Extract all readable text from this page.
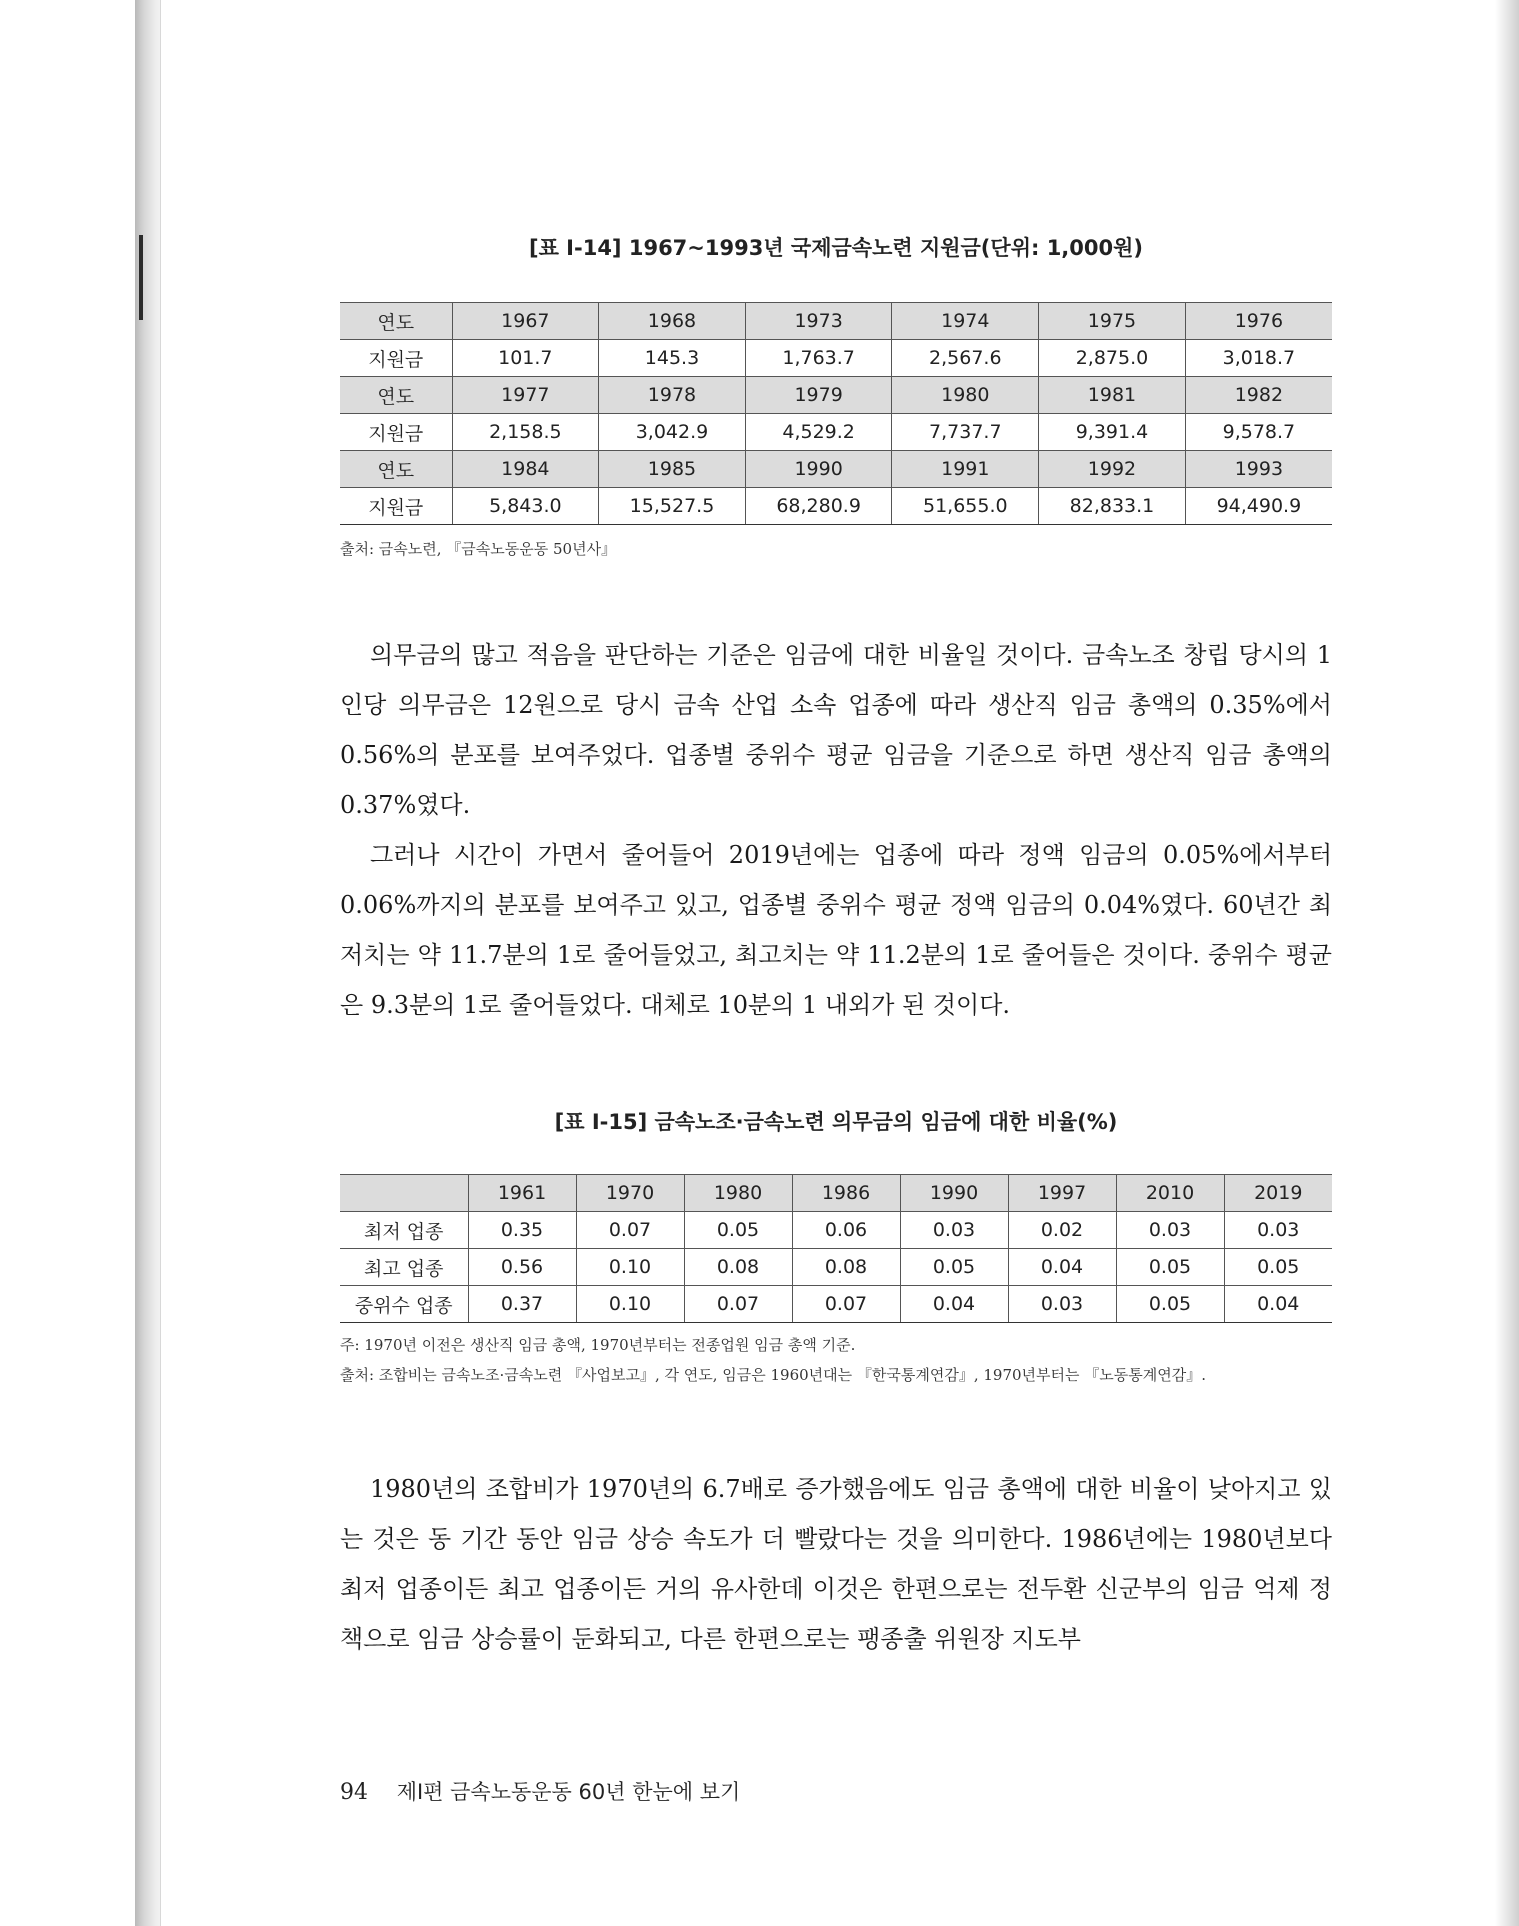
[표 Ⅰ-14] 1967~1993년 국제금속노련 지원금(단위: 1,000원)
연도	1967	1968	1973	1974	1975	1976
지원금	101.7	145.3	1,763.7	2,567.6	2,875.0	3,018.7
연도	1977	1978	1979	1980	1981	1982
지원금	2,158.5	3,042.9	4,529.2	7,737.7	9,391.4	9,578.7
연도	1984	1985	1990	1991	1992	1993
지원금	5,843.0	15,527.5	68,280.9	51,655.0	82,833.1	94,490.9
출처: 금속노련, 『금속노동운동 50년사』

의무금의 많고 적음을 판단하는 기준은 임금에 대한 비율일 것이다. 금속노조 창립 당시의 1인당 의무금은 12원으로 당시 금속 산업 소속 업종에 따라 생산직 임금 총액의 0.35%에서 0.56%의 분포를 보여주었다. 업종별 중위수 평균 임금을 기준으로 하면 생산직 임금 총액의 0.37%였다.

그러나 시간이 가면서 줄어들어 2019년에는 업종에 따라 정액 임금의 0.05%에서부터 0.06%까지의 분포를 보여주고 있고, 업종별 중위수 평균 정액 임금의 0.04%였다. 60년간 최저치는 약 11.7분의 1로 줄어들었고, 최고치는 약 11.2분의 1로 줄어들은 것이다. 중위수 평균은 9.3분의 1로 줄어들었다. 대체로 10분의 1 내외가 된 것이다.

[표 Ⅰ-15] 금속노조·금속노련 의무금의 임금에 대한 비율(%)
	1961	1970	1980	1986	1990	1997	2010	2019
최저 업종	0.35	0.07	0.05	0.06	0.03	0.02	0.03	0.03
최고 업종	0.56	0.10	0.08	0.08	0.05	0.04	0.05	0.05
중위수 업종	0.37	0.10	0.07	0.07	0.04	0.03	0.05	0.04
주: 1970년 이전은 생산직 임금 총액, 1970년부터는 전종업원 임금 총액 기준.
출처: 조합비는 금속노조·금속노련 『사업보고』, 각 연도, 임금은 1960년대는 『한국통계연감』, 1970년부터는 『노동통계연감』.

1980년의 조합비가 1970년의 6.7배로 증가했음에도 임금 총액에 대한 비율이 낮아지고 있는 것은 동 기간 동안 임금 상승 속도가 더 빨랐다는 것을 의미한다. 1986년에는 1980년보다 최저 업종이든 최고 업종이든 거의 유사한데 이것은 한편으로는 전두환 신군부의 임금 억제 정책으로 임금 상승률이 둔화되고, 다른 한편으로는 팽종출 위원장 지도부

94 제Ⅰ편 금속노동운동 60년 한눈에 보기
